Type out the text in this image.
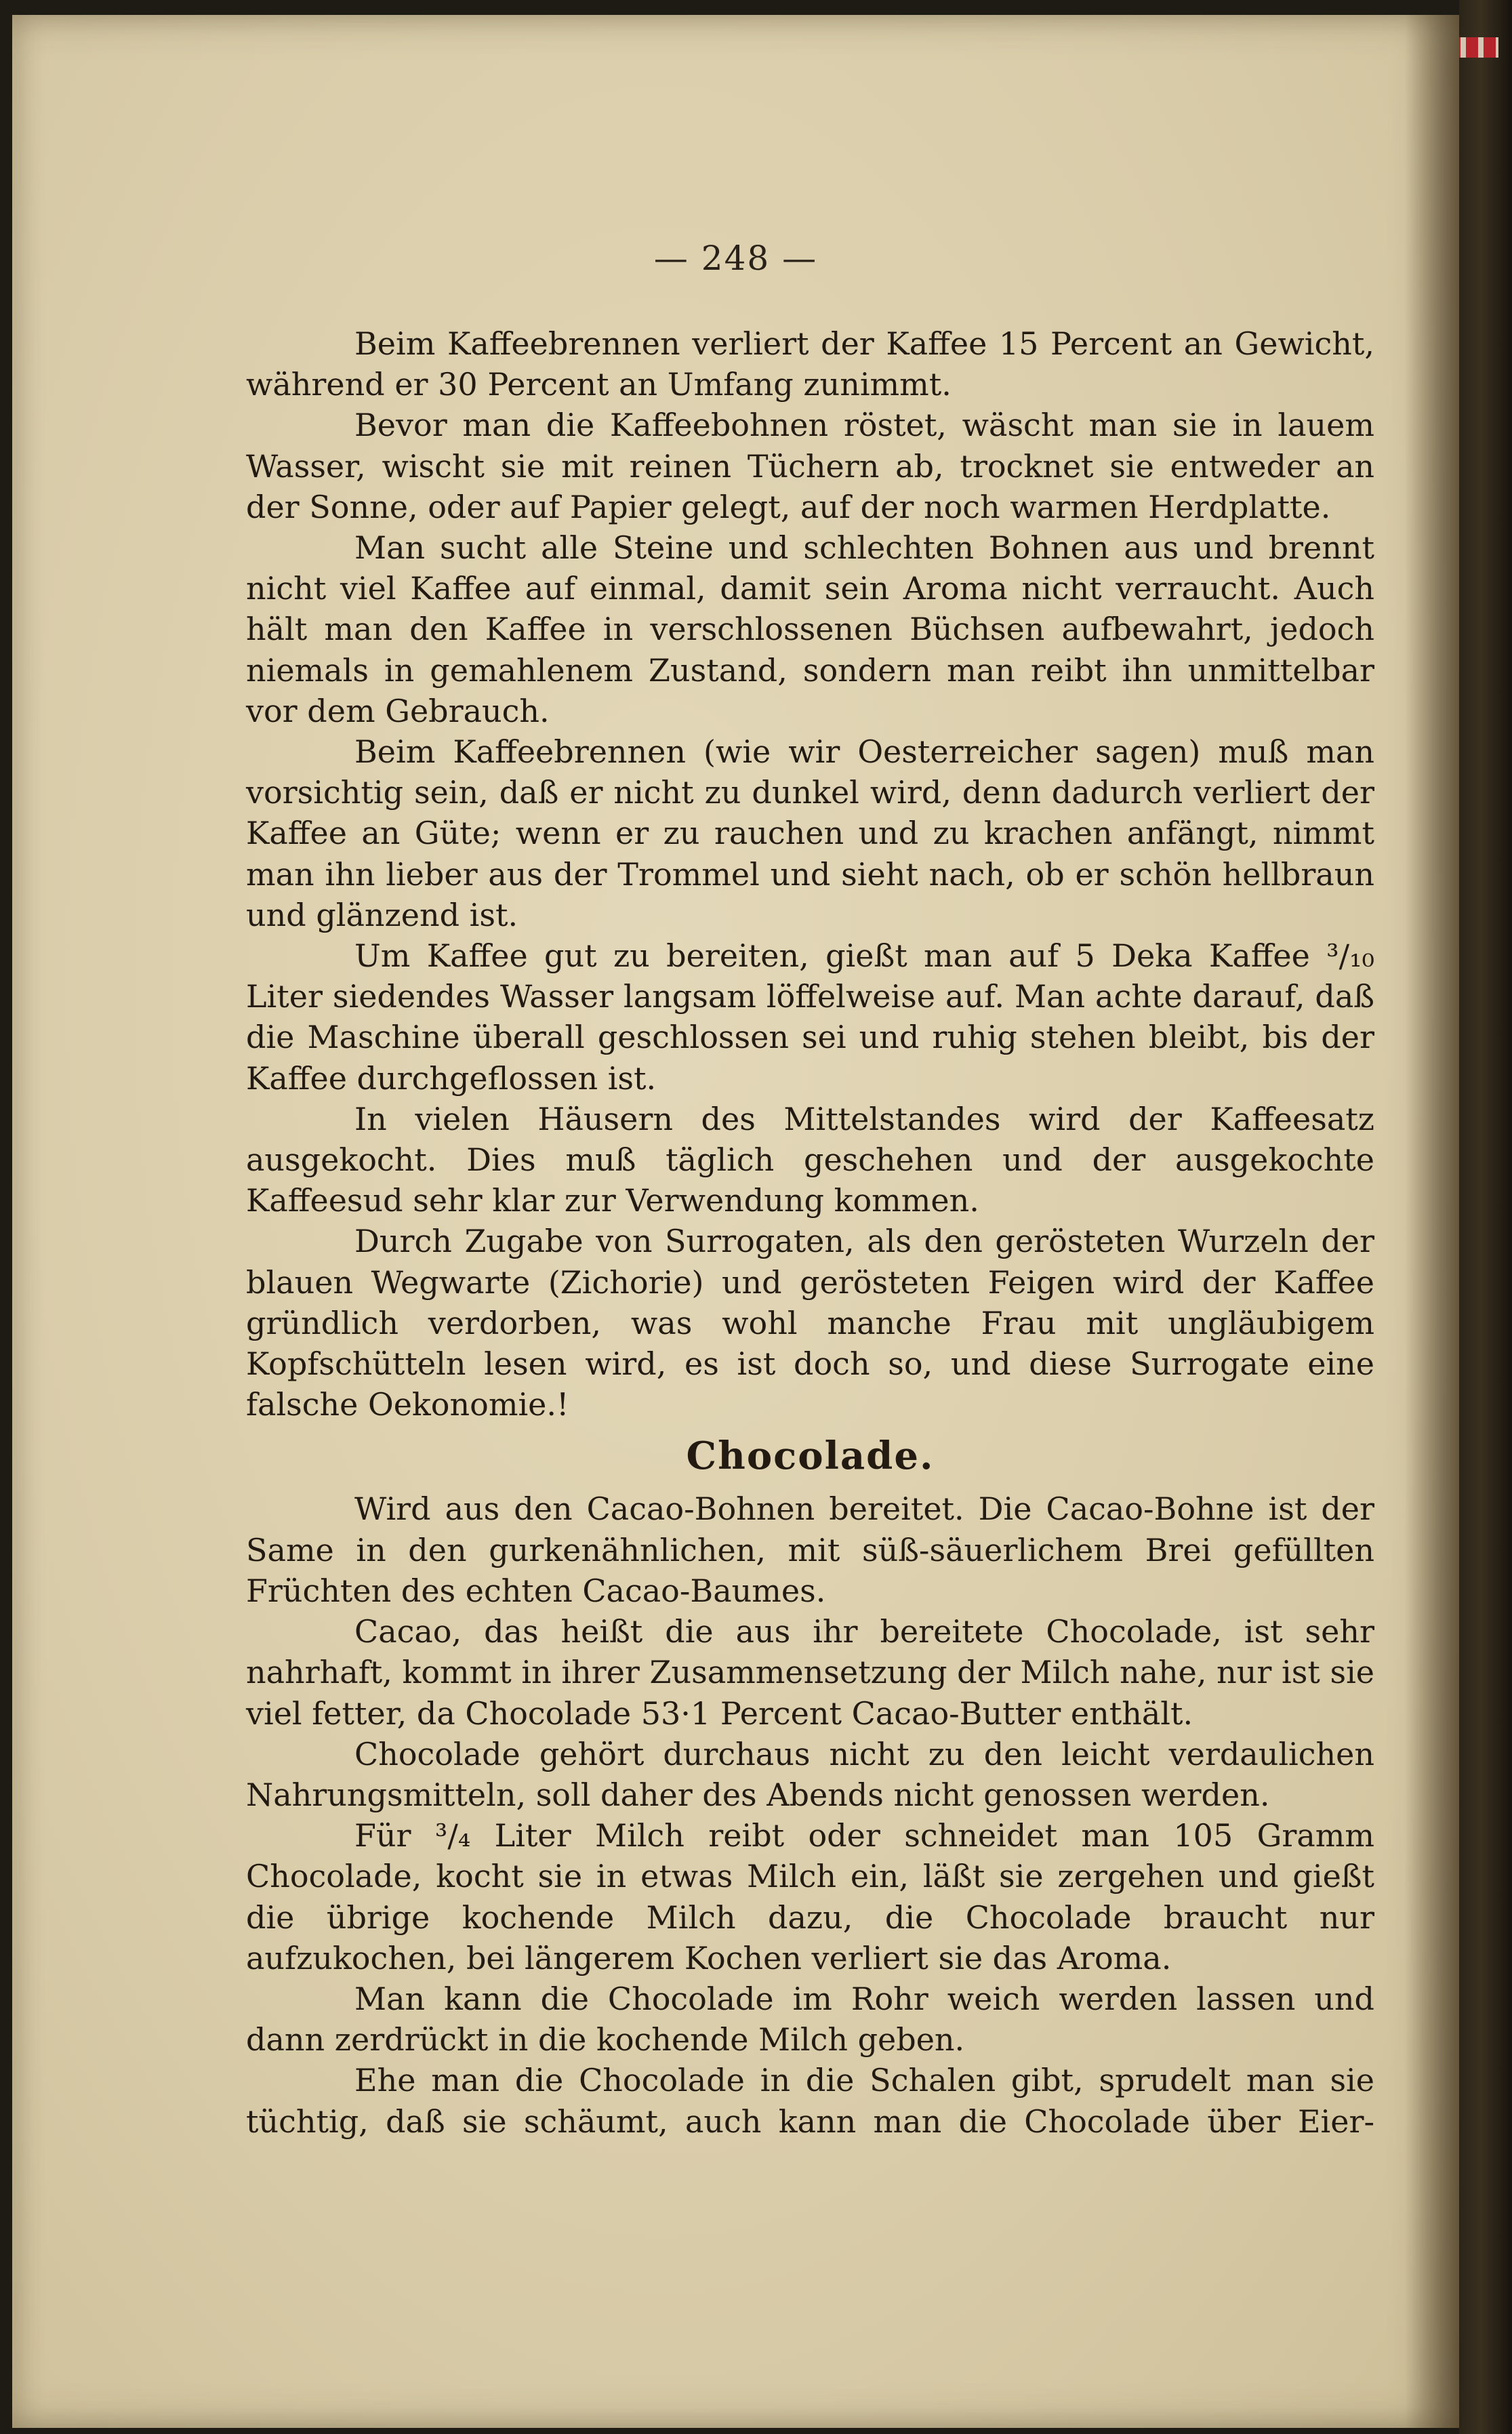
— 248 —

Beim Kaffeebrennen verliert der Kaffee 15 Percent an Gewicht, während er 30 Percent an Umfang zunimmt.

Bevor man die Kaffeebohnen röstet, wäscht man sie in lauem Wasser, wischt sie mit reinen Tüchern ab, trocknet sie entweder an der Sonne, oder auf Papier gelegt, auf der noch warmen Herdplatte.

Man sucht alle Steine und schlechten Bohnen aus und brennt nicht viel Kaffee auf einmal, damit sein Aroma nicht verraucht. Auch hält man den Kaffee in verschlossenen Büchsen aufbewahrt, jedoch niemals in gemahlenem Zustand, sondern man reibt ihn unmittelbar vor dem Gebrauch.

Beim Kaffeebrennen (wie wir Oesterreicher sagen) muß man vorsichtig sein, daß er nicht zu dunkel wird, denn dadurch verliert der Kaffee an Güte; wenn er zu rauchen und zu krachen anfängt, nimmt man ihn lieber aus der Trommel und sieht nach, ob er schön hellbraun und glänzend ist.

Um Kaffee gut zu bereiten, gießt man auf 5 Deka Kaffee ³/₁₀ Liter siedendes Wasser langsam löffelweise auf. Man achte darauf, daß die Maschine überall geschlossen sei und ruhig stehen bleibt, bis der Kaffee durchgeflossen ist.

In vielen Häusern des Mittelstandes wird der Kaffeesatz ausgekocht. Dies muß täglich geschehen und der ausgekochte Kaffeesud sehr klar zur Verwendung kommen.

Durch Zugabe von Surrogaten, als den gerösteten Wurzeln der blauen Wegwarte (Zichorie) und gerösteten Feigen wird der Kaffee gründlich verdorben, was wohl manche Frau mit ungläubigem Kopfschütteln lesen wird, es ist doch so, und diese Surrogate eine falsche Oekonomie.!

Chocolade.

Wird aus den Cacao-Bohnen bereitet. Die Cacao-Bohne ist der Same in den gurkenähnlichen, mit süß-säuerlichem Brei gefüllten Früchten des echten Cacao-Baumes.

Cacao, das heißt die aus ihr bereitete Chocolade, ist sehr nahrhaft, kommt in ihrer Zusammensetzung der Milch nahe, nur ist sie viel fetter, da Chocolade 53·1 Percent Cacao-Butter enthält.

Chocolade gehört durchaus nicht zu den leicht verdaulichen Nahrungsmitteln, soll daher des Abends nicht genossen werden.

Für ³/₄ Liter Milch reibt oder schneidet man 105 Gramm Chocolade, kocht sie in etwas Milch ein, läßt sie zergehen und gießt die übrige kochende Milch dazu, die Chocolade braucht nur aufzukochen, bei längerem Kochen verliert sie das Aroma.

Man kann die Chocolade im Rohr weich werden lassen und dann zerdrückt in die kochende Milch geben.

Ehe man die Chocolade in die Schalen gibt, sprudelt man sie tüchtig, daß sie schäumt, auch kann man die Chocolade über Eier-
